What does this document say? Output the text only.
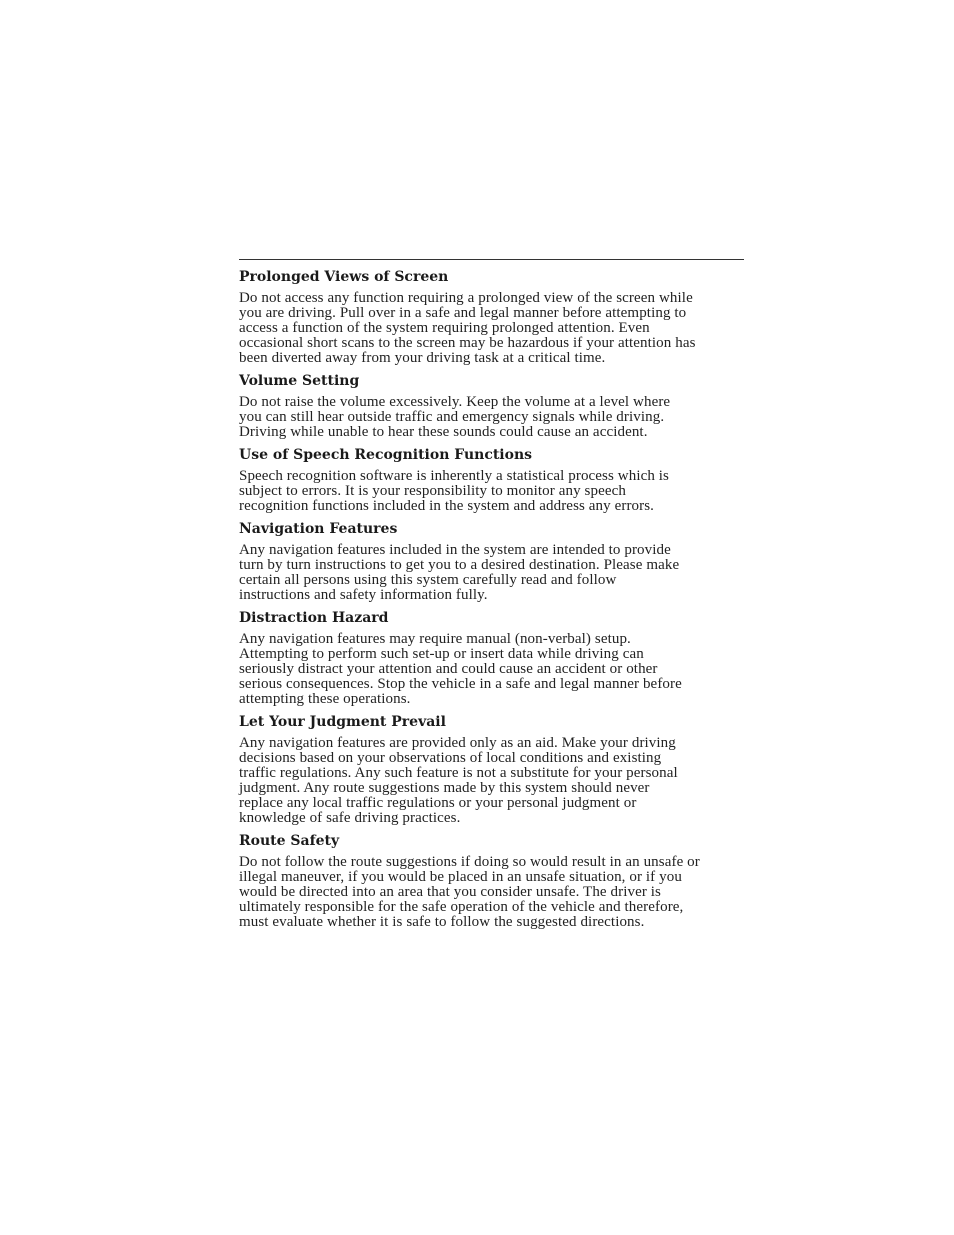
Prolonged Views of Screen

Do not access any function requiring a prolonged view of the screen while
you are driving. Pull over in a safe and legal manner before attempting to
access a function of the system requiring prolonged attention. Even
occasional short scans to the screen may be hazardous if your attention has
been diverted away from your driving task at a critical time.

Volume Setting

Do not raise the volume excessively. Keep the volume at a level where
you can still hear outside traffic and emergency signals while driving.
Driving while unable to hear these sounds could cause an accident.

Use of Speech Recognition Functions

Speech recognition software is inherently a statistical process which is
subject to errors. It is your responsibility to monitor any speech
recognition functions included in the system and address any errors.

Navigation Features

Any navigation features included in the system are intended to provide
turn by turn instructions to get you to a desired destination. Please make
certain all persons using this system carefully read and follow
instructions and safety information fully.

Distraction Hazard

Any navigation features may require manual (non-verbal) setup.
Attempting to perform such set-up or insert data while driving can
seriously distract your attention and could cause an accident or other
serious consequences. Stop the vehicle in a safe and legal manner before
attempting these operations.

Let Your Judgment Prevail

Any navigation features are provided only as an aid. Make your driving
decisions based on your observations of local conditions and existing
traffic regulations. Any such feature is not a substitute for your personal
judgment. Any route suggestions made by this system should never
replace any local traffic regulations or your personal judgment or
knowledge of safe driving practices.

Route Safety

Do not follow the route suggestions if doing so would result in an unsafe or
illegal maneuver, if you would be placed in an unsafe situation, or if you
would be directed into an area that you consider unsafe. The driver is
ultimately responsible for the safe operation of the vehicle and therefore,
must evaluate whether it is safe to follow the suggested directions.
